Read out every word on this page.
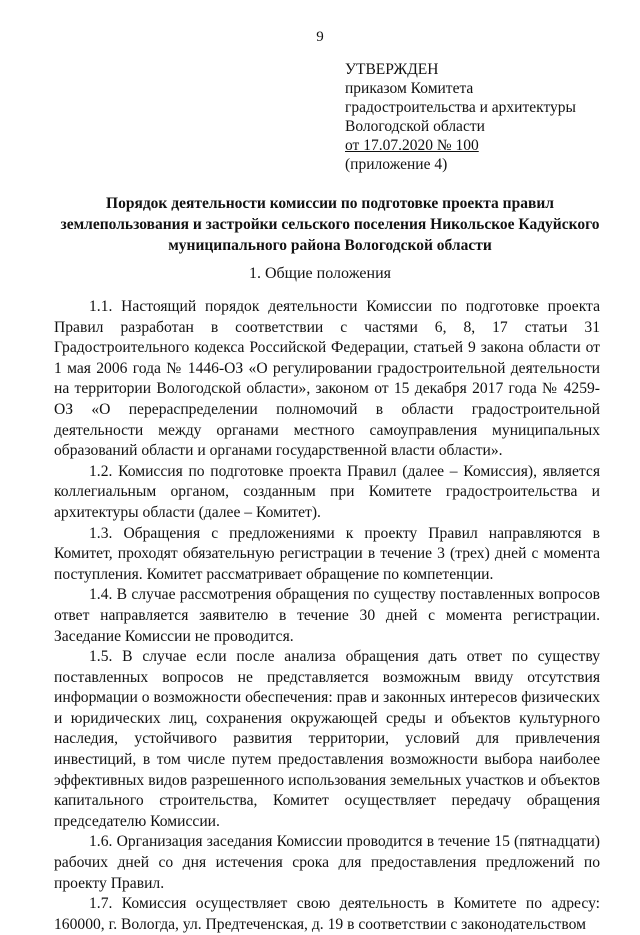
9
УТВЕРЖДЕН
приказом Комитета
градостроительства и архитектуры
Вологодской области
от 17.07.2020 № 100
(приложение 4)
Порядок деятельности комиссии по подготовке проекта правил
землепользования и застройки сельского поселения Никольское Кадуйского
муниципального района Вологодской области
1. Общие положения

1.1. Настоящий порядок деятельности Комиссии по подготовке проекта Правил разработан в соответствии с частями 6, 8, 17 статьи 31 Градостроительного кодекса Российской Федерации, статьей 9 закона области от 1 мая 2006 года № 1446-ОЗ «О регулировании градостроительной деятельности на территории Вологодской области», законом от 15 декабря 2017 года № 4259-ОЗ «О перераспределении полномочий в области градостроительной деятельности между органами местного самоуправления муниципальных образований области и органами государственной власти области».

1.2. Комиссия по подготовке проекта Правил (далее – Комиссия), является коллегиальным органом, созданным при Комитете градостроительства и архитектуры области (далее – Комитет).

1.3. Обращения с предложениями к проекту Правил направляются в Комитет, проходят обязательную регистрации в течение 3 (трех) дней с момента поступления. Комитет рассматривает обращение по компетенции.

1.4. В случае рассмотрения обращения по существу поставленных вопросов ответ направляется заявителю в течение 30 дней с момента регистрации. Заседание Комиссии не проводится.

1.5. В случае если после анализа обращения дать ответ по существу поставленных вопросов не представляется возможным ввиду отсутствия информации о возможности обеспечения: прав и законных интересов физических и юридических лиц, сохранения окружающей среды и объектов культурного наследия, устойчивого развития территории, условий для привлечения инвестиций, в том числе путем предоставления возможности выбора наиболее эффективных видов разрешенного использования земельных участков и объектов капитального строительства, Комитет осуществляет передачу обращения председателю Комиссии.

1.6. Организация заседания Комиссии проводится в течение 15 (пятнадцати) рабочих дней со дня истечения срока для предоставления предложений по проекту Правил.

1.7. Комиссия осуществляет свою деятельность в Комитете по адресу: 160000, г. Вологда, ул. Предтеченская, д. 19 в соответствии с законодательством
